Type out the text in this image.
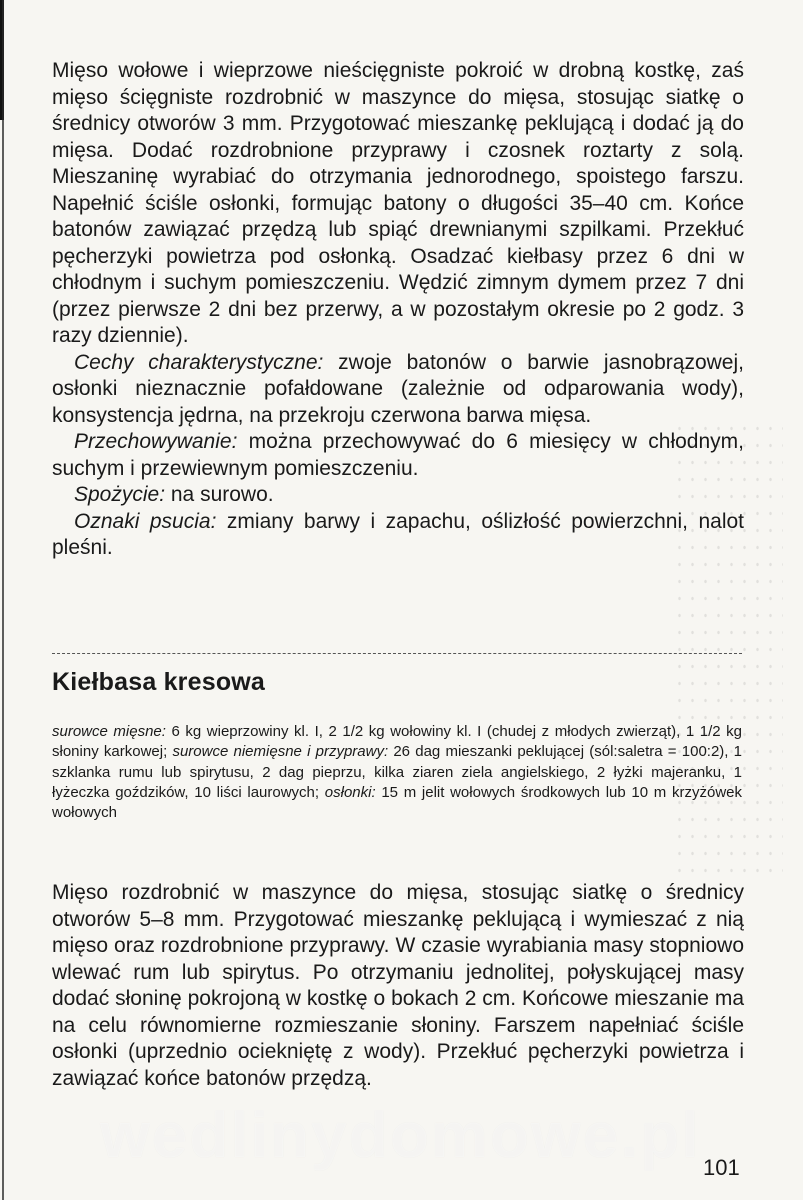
Mięso wołowe i wieprzowe nieścięgniste pokroić w drobną kostkę, zaś mięso ścięgniste rozdrobnić w maszynce do mięsa, stosując siatkę o średnicy otworów 3 mm. Przygotować mieszankę peklującą i dodać ją do mięsa. Dodać rozdrobnione przyprawy i czosnek roztarty z solą. Mieszaninę wyrabiać do otrzymania jednorodnego, spoistego farszu. Napełnić ściśle osłonki, formując batony o długości 35–40 cm. Końce batonów zawiązać przędzą lub spiąć drewnianymi szpilkami. Przekłuć pęcherzyki powietrza pod osłonką. Osadzać kiełbasy przez 6 dni w chłodnym i suchym pomieszczeniu. Wędzić zimnym dymem przez 7 dni (przez pierwsze 2 dni bez przerwy, a w pozostałym okresie po 2 godz. 3 razy dziennie).

Cechy charakterystyczne: zwoje batonów o barwie jasnobrązowej, osłonki nieznacznie pofałdowane (zależnie od odparowania wody), konsystencja jędrna, na przekroju czerwona barwa mięsa.

Przechowywanie: można przechowywać do 6 miesięcy w chłodnym, suchym i przewiewnym pomieszczeniu.

Spożycie: na surowo.

Oznaki psucia: zmiany barwy i zapachu, oślizłość powierzchni, nalot pleśni.

Kiełbasa kresowa

surowce mięsne: 6 kg wieprzowiny kl. I, 2 1/2 kg wołowiny kl. I (chudej z młodych zwierząt), 1 1/2 kg słoniny karkowej; surowce niemięsne i przyprawy: 26 dag mieszanki peklującej (sól:saletra = 100:2), 1 szklanka rumu lub spirytusu, 2 dag pieprzu, kilka ziaren ziela angielskiego, 2 łyżki majeranku, 1 łyżeczka goździków, 10 liści laurowych; osłonki: 15 m jelit wołowych środkowych lub 10 m krzyżówek wołowych

Mięso rozdrobnić w maszynce do mięsa, stosując siatkę o średnicy otworów 5–8 mm. Przygotować mieszankę peklującą i wymieszać z nią mięso oraz rozdrobnione przyprawy. W czasie wyrabiania masy stopniowo wlewać rum lub spirytus. Po otrzymaniu jednolitej, połyskującej masy dodać słoninę pokrojoną w kostkę o bokach 2 cm. Końcowe mieszanie ma na celu równomierne rozmieszanie słoniny. Farszem napełniać ściśle osłonki (uprzednio ociekniętę z wody). Przekłuć pęcherzyki powietrza i zawiązać końce batonów przędzą.

wedlinydomowe.pl 101
